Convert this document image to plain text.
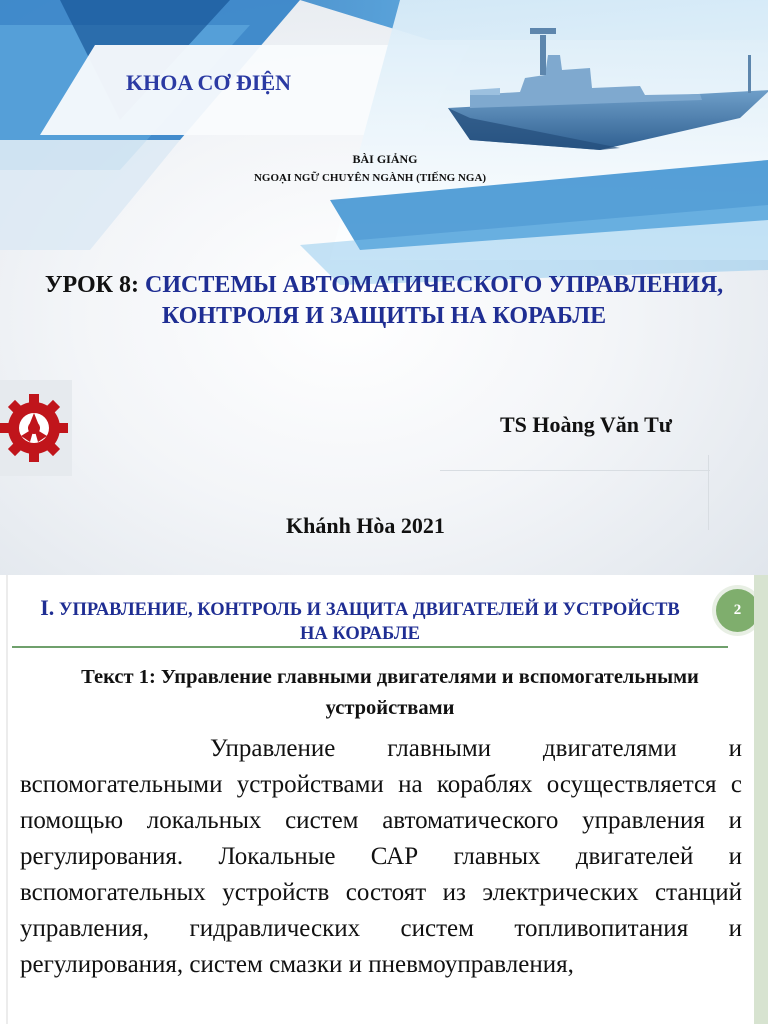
KHOA CƠ ĐIỆN
BÀI GIẢNG
NGOẠI NGỮ CHUYÊN NGÀNH (TIẾNG NGA)
УРОК 8: СИСТЕМЫ АВТОМАТИЧЕСКОГО УПРАВЛЕНИЯ, КОНТРОЛЯ И ЗАЩИТЫ НА КОРАБЛЕ
TS Hoàng Văn Tư
Khánh Hòa 2021
I. УПРАВЛЕНИЕ, КОНТРОЛЬ И ЗАЩИТА ДВИГАТЕЛЕЙ И УСТРОЙСТВ НА КОРАБЛЕ
2
Текст 1: Управление главными двигателями и вспомогательными устройствами
Управление главными двигателями и вспомогательными устройствами на кораблях осуществляется с помощью локальных систем автоматического управления и регулирования. Локальные САР главных двигателей и вспомогательных устройств состоят из электрических станций управления, гидравлических систем топливопитания и регулирования, систем смазки и пневмоуправления,
